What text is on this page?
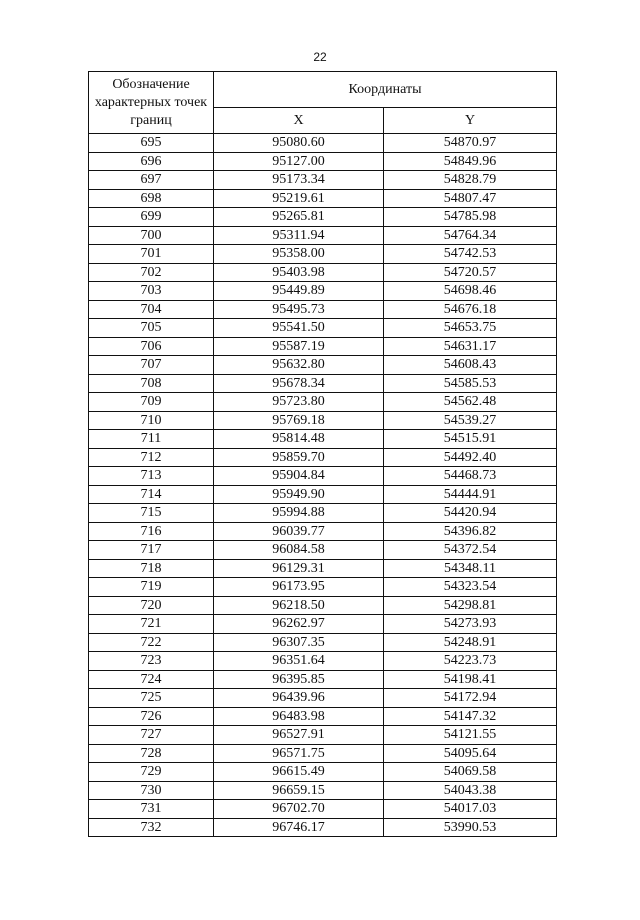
22
Обозначение характерных точек границ	Координаты	
	X	Y
695	95080.60	54870.97
696	95127.00	54849.96
697	95173.34	54828.79
698	95219.61	54807.47
699	95265.81	54785.98
700	95311.94	54764.34
701	95358.00	54742.53
702	95403.98	54720.57
703	95449.89	54698.46
704	95495.73	54676.18
705	95541.50	54653.75
706	95587.19	54631.17
707	95632.80	54608.43
708	95678.34	54585.53
709	95723.80	54562.48
710	95769.18	54539.27
711	95814.48	54515.91
712	95859.70	54492.40
713	95904.84	54468.73
714	95949.90	54444.91
715	95994.88	54420.94
716	96039.77	54396.82
717	96084.58	54372.54
718	96129.31	54348.11
719	96173.95	54323.54
720	96218.50	54298.81
721	96262.97	54273.93
722	96307.35	54248.91
723	96351.64	54223.73
724	96395.85	54198.41
725	96439.96	54172.94
726	96483.98	54147.32
727	96527.91	54121.55
728	96571.75	54095.64
729	96615.49	54069.58
730	96659.15	54043.38
731	96702.70	54017.03
732	96746.17	53990.53
